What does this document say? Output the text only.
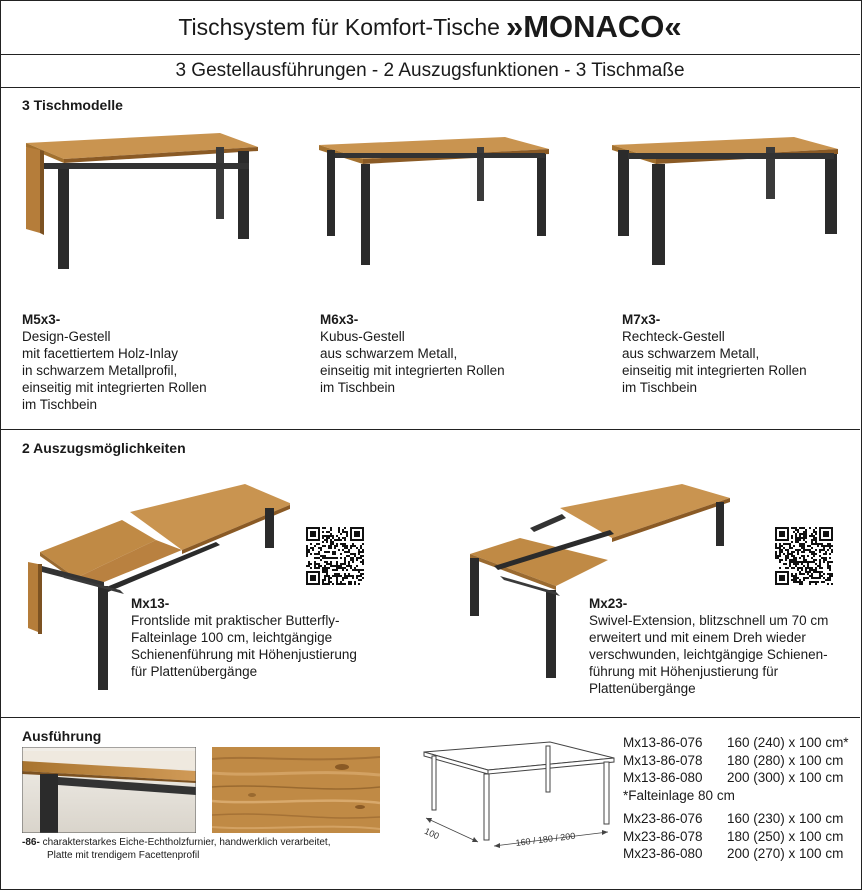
Tischsystem für Komfort-Tische »MONACO«
3 Gestellausführungen - 2 Auszugsfunktionen - 3 Tischmaße
3 Tischmodelle
M5x3-
Design-Gestell
mit facettiertem Holz-Inlay
in schwarzem Metallprofil,
einseitig mit integrierten Rollen
im Tischbein
M6x3-
Kubus-Gestell
aus schwarzem Metall,
einseitig mit integrierten Rollen
im Tischbein
M7x3-
Rechteck-Gestell
aus schwarzem Metall,
einseitig mit integrierten Rollen
im Tischbein
2 Auszugsmöglichkeiten
Mx13-
Frontslide mit praktischer Butterfly-
Falteinlage 100 cm, leichtgängige
Schienenführung mit Höhenjustierung
für Plattenübergänge
Mx23-
Swivel-Extension, blitzschnell um 70 cm
erweitert und mit einem Dreh wieder
verschwunden, leichtgängige Schienen-
führung mit Höhenjustierung für
Plattenübergänge
Ausführung
100	160 / 180 / 200
Mx13-86-076	160 (240) x 100 cm*
Mx13-86-078	180 (280) x 100 cm
Mx13-86-080	200 (300) x 100 cm
*Falteinlage 80 cm
Mx23-86-076	160 (230) x 100 cm
Mx23-86-078	180 (250) x 100 cm
Mx23-86-080	200 (270) x 100 cm
-86- charakterstarkes Eiche-Echtholzfurnier, handwerklich verarbeitet,
Platte mit trendigem Facettenprofil
